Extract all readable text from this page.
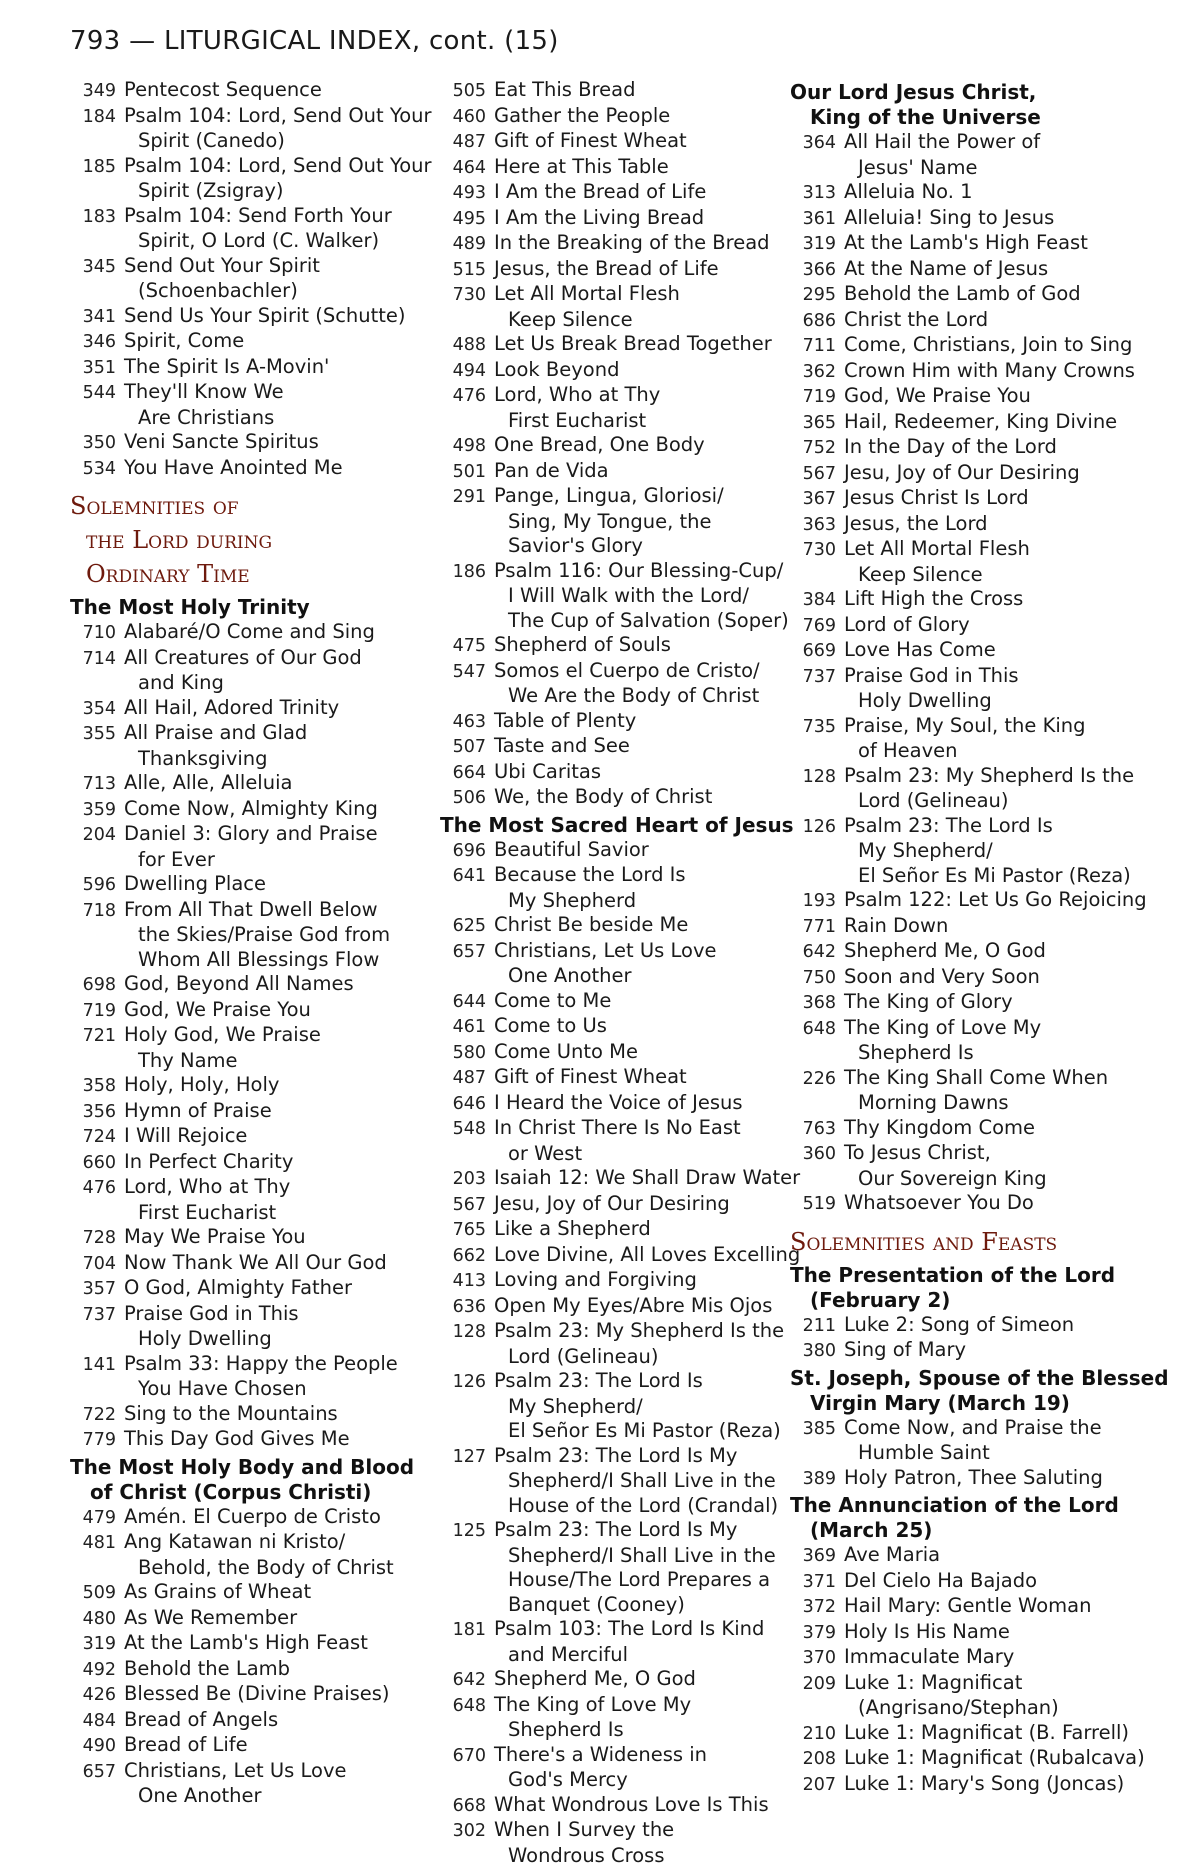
793 — LITURGICAL INDEX, cont. (15)
349 Pentecost Sequence
184 Psalm 104: Lord, Send Out Your
Spirit (Canedo)
185 Psalm 104: Lord, Send Out Your
Spirit (Zsigray)
183 Psalm 104: Send Forth Your
Spirit, O Lord (C. Walker)
345 Send Out Your Spirit
(Schoenbachler)
341 Send Us Your Spirit (Schutte)
346 Spirit, Come
351 The Spirit Is A-Movin'
544 They'll Know We
Are Christians
350 Veni Sancte Spiritus
534 You Have Anointed Me
Solemnities of
the Lord during
Ordinary Time
The Most Holy Trinity
710 Alabaré/O Come and Sing
714 All Creatures of Our God
and King
354 All Hail, Adored Trinity
355 All Praise and Glad
Thanksgiving
713 Alle, Alle, Alleluia
359 Come Now, Almighty King
204 Daniel 3: Glory and Praise
for Ever
596 Dwelling Place
718 From All That Dwell Below
the Skies/Praise God from
Whom All Blessings Flow
698 God, Beyond All Names
719 God, We Praise You
721 Holy God, We Praise
Thy Name
358 Holy, Holy, Holy
356 Hymn of Praise
724 I Will Rejoice
660 In Perfect Charity
476 Lord, Who at Thy
First Eucharist
728 May We Praise You
704 Now Thank We All Our God
357 O God, Almighty Father
737 Praise God in This
Holy Dwelling
141 Psalm 33: Happy the People
You Have Chosen
722 Sing to the Mountains
779 This Day God Gives Me
The Most Holy Body and Blood
of Christ (Corpus Christi)
479 Amén. El Cuerpo de Cristo
481 Ang Katawan ni Kristo/
Behold, the Body of Christ
509 As Grains of Wheat
480 As We Remember
319 At the Lamb's High Feast
492 Behold the Lamb
426 Blessed Be (Divine Praises)
484 Bread of Angels
490 Bread of Life
657 Christians, Let Us Love
One Another
505 Eat This Bread
460 Gather the People
487 Gift of Finest Wheat
464 Here at This Table
493 I Am the Bread of Life
495 I Am the Living Bread
489 In the Breaking of the Bread
515 Jesus, the Bread of Life
730 Let All Mortal Flesh
Keep Silence
488 Let Us Break Bread Together
494 Look Beyond
476 Lord, Who at Thy
First Eucharist
498 One Bread, One Body
501 Pan de Vida
291 Pange, Lingua, Gloriosi/
Sing, My Tongue, the
Savior's Glory
186 Psalm 116: Our Blessing-Cup/
I Will Walk with the Lord/
The Cup of Salvation (Soper)
475 Shepherd of Souls
547 Somos el Cuerpo de Cristo/
We Are the Body of Christ
463 Table of Plenty
507 Taste and See
664 Ubi Caritas
506 We, the Body of Christ
The Most Sacred Heart of Jesus
696 Beautiful Savior
641 Because the Lord Is
My Shepherd
625 Christ Be beside Me
657 Christians, Let Us Love
One Another
644 Come to Me
461 Come to Us
580 Come Unto Me
487 Gift of Finest Wheat
646 I Heard the Voice of Jesus
548 In Christ There Is No East
or West
203 Isaiah 12: We Shall Draw Water
567 Jesu, Joy of Our Desiring
765 Like a Shepherd
662 Love Divine, All Loves Excelling
413 Loving and Forgiving
636 Open My Eyes/Abre Mis Ojos
128 Psalm 23: My Shepherd Is the
Lord (Gelineau)
126 Psalm 23: The Lord Is
My Shepherd/
El Señor Es Mi Pastor (Reza)
127 Psalm 23: The Lord Is My
Shepherd/I Shall Live in the
House of the Lord (Crandal)
125 Psalm 23: The Lord Is My
Shepherd/I Shall Live in the
House/The Lord Prepares a
Banquet (Cooney)
181 Psalm 103: The Lord Is Kind
and Merciful
642 Shepherd Me, O God
648 The King of Love My
Shepherd Is
670 There's a Wideness in
God's Mercy
668 What Wondrous Love Is This
302 When I Survey the
Wondrous Cross
Our Lord Jesus Christ,
King of the Universe
364 All Hail the Power of
Jesus' Name
313 Alleluia No. 1
361 Alleluia! Sing to Jesus
319 At the Lamb's High Feast
366 At the Name of Jesus
295 Behold the Lamb of God
686 Christ the Lord
711 Come, Christians, Join to Sing
362 Crown Him with Many Crowns
719 God, We Praise You
365 Hail, Redeemer, King Divine
752 In the Day of the Lord
567 Jesu, Joy of Our Desiring
367 Jesus Christ Is Lord
363 Jesus, the Lord
730 Let All Mortal Flesh
Keep Silence
384 Lift High the Cross
769 Lord of Glory
669 Love Has Come
737 Praise God in This
Holy Dwelling
735 Praise, My Soul, the King
of Heaven
128 Psalm 23: My Shepherd Is the
Lord (Gelineau)
126 Psalm 23: The Lord Is
My Shepherd/
El Señor Es Mi Pastor (Reza)
193 Psalm 122: Let Us Go Rejoicing
771 Rain Down
642 Shepherd Me, O God
750 Soon and Very Soon
368 The King of Glory
648 The King of Love My
Shepherd Is
226 The King Shall Come When
Morning Dawns
763 Thy Kingdom Come
360 To Jesus Christ,
Our Sovereign King
519 Whatsoever You Do
Solemnities and Feasts
The Presentation of the Lord
(February 2)
211 Luke 2: Song of Simeon
380 Sing of Mary
St. Joseph, Spouse of the Blessed
Virgin Mary (March 19)
385 Come Now, and Praise the
Humble Saint
389 Holy Patron, Thee Saluting
The Annunciation of the Lord
(March 25)
369 Ave Maria
371 Del Cielo Ha Bajado
372 Hail Mary: Gentle Woman
379 Holy Is His Name
370 Immaculate Mary
209 Luke 1: Magnificat
(Angrisano/Stephan)
210 Luke 1: Magnificat (B. Farrell)
208 Luke 1: Magnificat (Rubalcava)
207 Luke 1: Mary's Song (Joncas)
